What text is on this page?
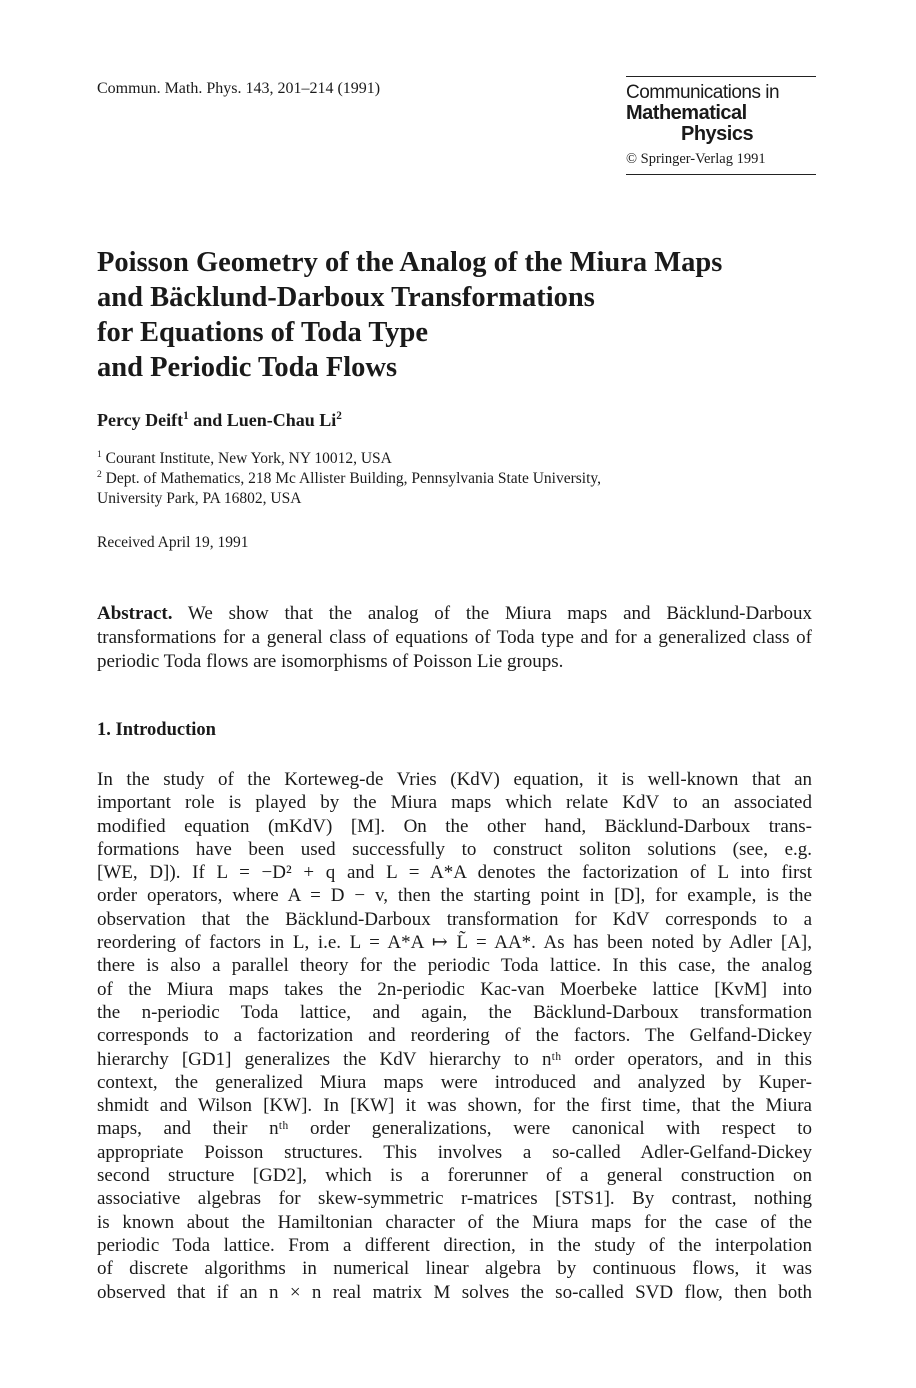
Commun. Math. Phys. 143, 201–214 (1991)	Communications in
Mathematical
Physics
© Springer-Verlag 1991
Poisson Geometry of the Analog of the Miura Maps
and Bäcklund-Darboux Transformations
for Equations of Toda Type
and Periodic Toda Flows
Percy Deift$^1$ and Luen-Chau Li$^2$
$^1$ Courant Institute, New York, NY 10012, USA
$^2$ Dept. of Mathematics, 218 Mc Allister Building, Pennsylvania State University,
University Park, PA 16802, USA
Received April 19, 1991
Abstract. We show that the analog of the Miura maps and Bäcklund-Darboux transformations for a general class of equations of Toda type and for a generalized class of periodic Toda flows are isomorphisms of Poisson Lie groups.
1. Introduction
In the study of the Korteweg-de Vries (KdV) equation, it is well-known that an
important role is played by the Miura maps which relate KdV to an associated
modified equation (mKdV) [M]. On the other hand, Bäcklund-Darboux trans-
formations have been used successfully to construct soliton solutions (see, e.g.
[WE, D]). If L = −D² + q and L = A*A denotes the factorization of L into first
order operators, where A = D − v, then the starting point in [D], for example, is the
observation that the Bäcklund-Darboux transformation for KdV corresponds to a
reordering of factors in L, i.e. L = A*A ↦ L̃ = AA*. As has been noted by Adler [A],
there is also a parallel theory for the periodic Toda lattice. In this case, the analog
of the Miura maps takes the 2n-periodic Kac-van Moerbeke lattice [KvM] into
the n-periodic Toda lattice, and again, the Bäcklund-Darboux transformation
corresponds to a factorization and reordering of the factors. The Gelfand-Dickey
hierarchy [GD1] generalizes the KdV hierarchy to nᵗʰ order operators, and in this
context, the generalized Miura maps were introduced and analyzed by Kuper-
shmidt and Wilson [KW]. In [KW] it was shown, for the first time, that the Miura
maps, and their nᵗʰ order generalizations, were canonical with respect to
appropriate Poisson structures. This involves a so-called Adler-Gelfand-Dickey
second structure [GD2], which is a forerunner of a general construction on
associative algebras for skew-symmetric r-matrices [STS1]. By contrast, nothing
is known about the Hamiltonian character of the Miura maps for the case of the
periodic Toda lattice. From a different direction, in the study of the interpolation
of discrete algorithms in numerical linear algebra by continuous flows, it was
observed that if an n × n real matrix M solves the so-called SVD flow, then both
